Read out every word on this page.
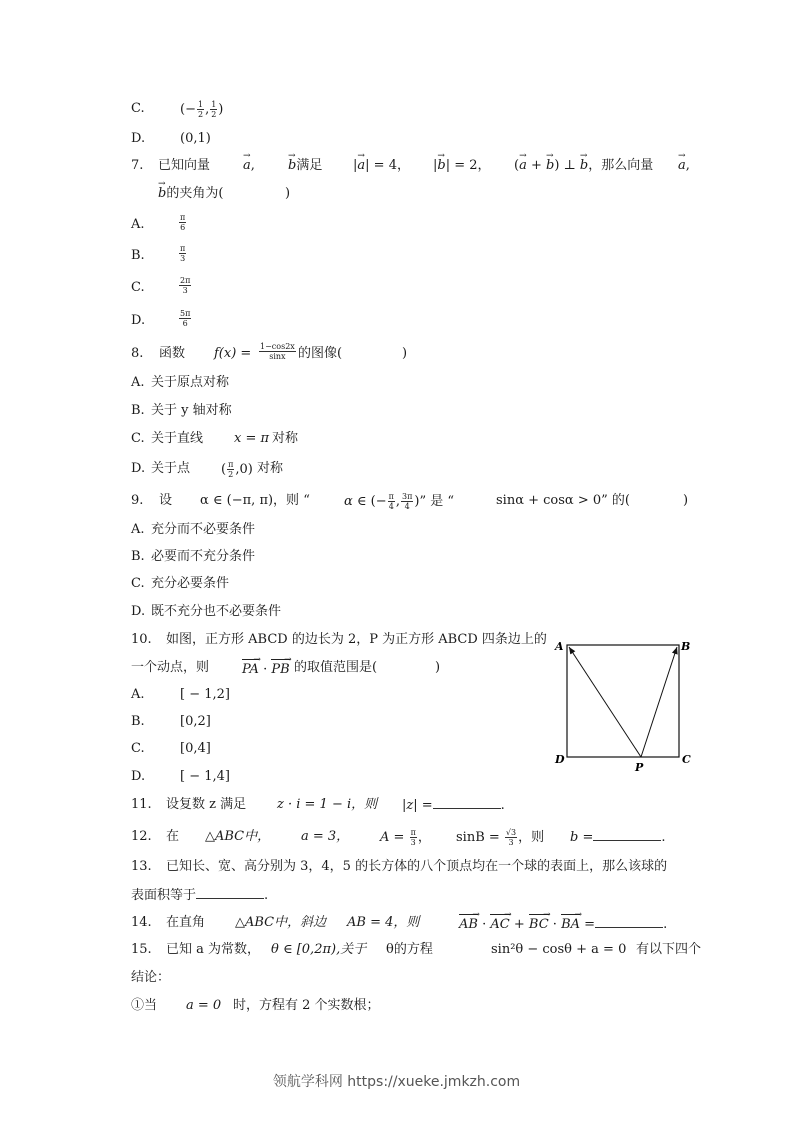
C.	(− $\frac{1}{2}$ , $\frac{1}{2}$ )
D.	(0,1)
7. 已知向量	→ a,	→ b满足 |→ a| = 4， |→ b| = 2， (→ a + → b) ⊥ → b，那么向量 → a,
→ b的夹角为(	)
A.	$\frac{\pi}{6}$
B.	$\frac{\pi}{3}$
C.	$\frac{2\pi}{3}$
D.	$\frac{5\pi}{6}$
8. 函数 $f(x) = \frac{1-\cos 2x}{\sin x}$ 的图像(	)
A. 关于原点对称
B. 关于 y 轴对称
C. 关于直线 x = π 对称
D. 关于点 ( $\frac{\pi}{2} ,0$) 对称
9. 设 α ∈ (−π, π)，则 “	α ∈ (− $\frac{\pi}{4}$ , $\frac{3\pi}{4}$ )” 是 “	sinα + cosα > 0” 的(	)
A. 充分而不必要条件
B. 必要而不充分条件
C. 充分必要条件
D. 既不充分也不必要条件
10. 如图，正方形 ABCD 的边长为 2，P 为正方形 ABCD 四条边上的
一个动点，则	PA → · PB → 的取值范围是(	)
A	B
D	C
P
A.	[ − 1,2]
B.	[0,2]
C.	[0,4]
D.	[ − 1,4]
11. 设复数 z 满足 z · i = 1 − i，则 |z| =	.
12. 在 △ABC中， a = 3， $A = \frac{\pi}{3}$ ， $\sin B = \frac{√3}{3}$ ，则 b =	.
13. 已知长、宽、高分别为 3，4，5 的长方体的八个顶点均在一个球的表面上，那么该球的
表面积等于	.
14. 在直角 △ABC中，斜边 AB = 4，则	AB → · AC → + BC → · BA → =	.
15. 已知 a 为常数， θ ∈ [0,2π),关于 θ的方程	sin²θ − cosθ + a = 0 有以下四个
结论：
①当 a = 0 时，方程有 2 个实数根；
领航学科网 https://xueke.jmkzh.com
